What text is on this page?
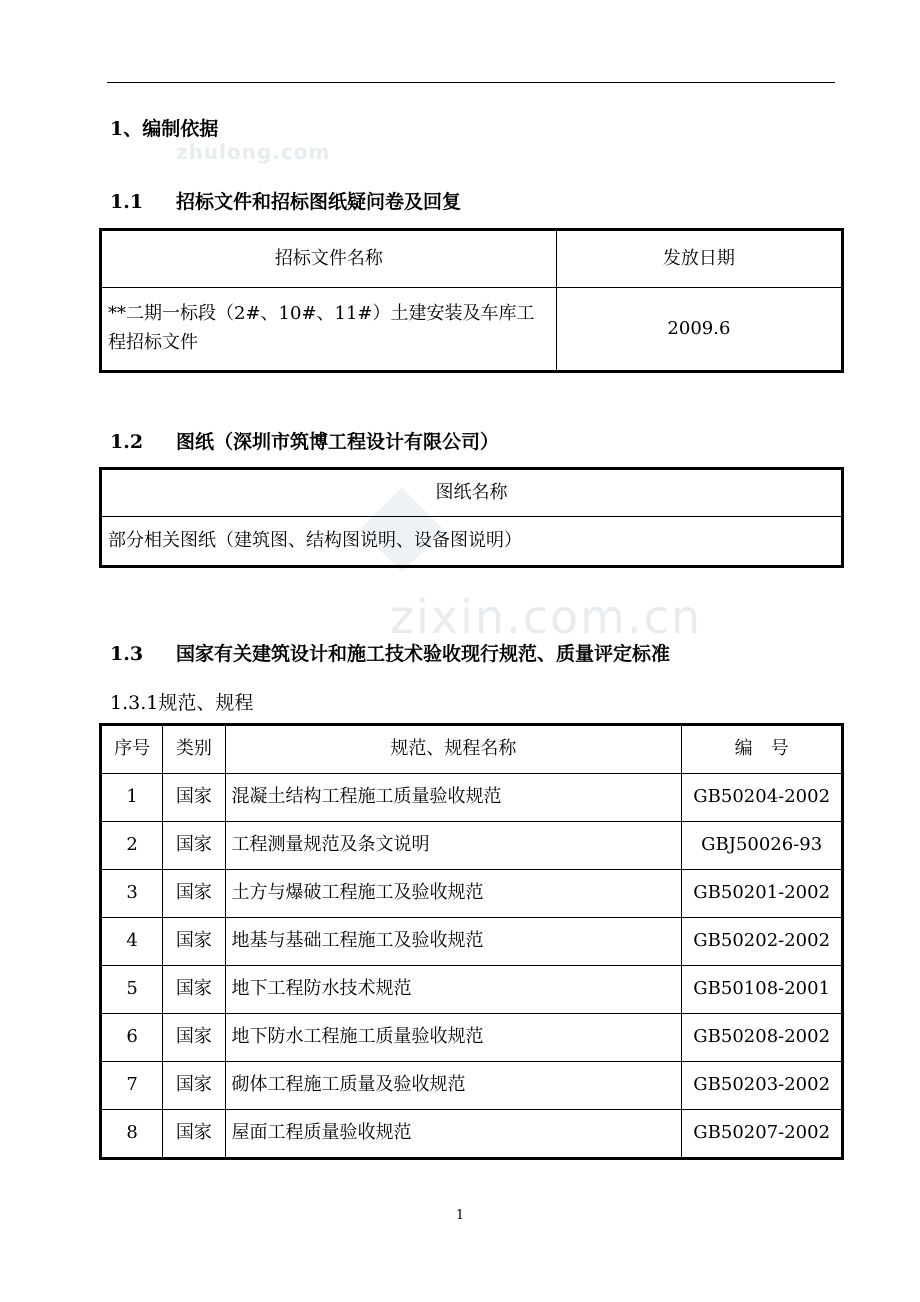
zhulong.com
zixin.com.cn

1、编制依据

1.1 招标文件和招标图纸疑问卷及回复

招标文件名称	发放日期
**二期一标段（2#、10#、11#）土建安装及车库工程招标文件	2009.6

1.2 图纸（深圳市筑博工程设计有限公司）

图纸名称
部分相关图纸（建筑图、结构图说明、设备图说明）

1.3 国家有关建筑设计和施工技术验收现行规范、质量评定标准

1.3.1规范、规程

序号	类别	规范、规程名称	编　号
1	国家	混凝土结构工程施工质量验收规范	GB50204-2002
2	国家	工程测量规范及条文说明	GBJ50026-93
3	国家	土方与爆破工程施工及验收规范	GB50201-2002
4	国家	地基与基础工程施工及验收规范	GB50202-2002
5	国家	地下工程防水技术规范	GB50108-2001
6	国家	地下防水工程施工质量验收规范	GB50208-2002
7	国家	砌体工程施工质量及验收规范	GB50203-2002
8	国家	屋面工程质量验收规范	GB50207-2002
1
